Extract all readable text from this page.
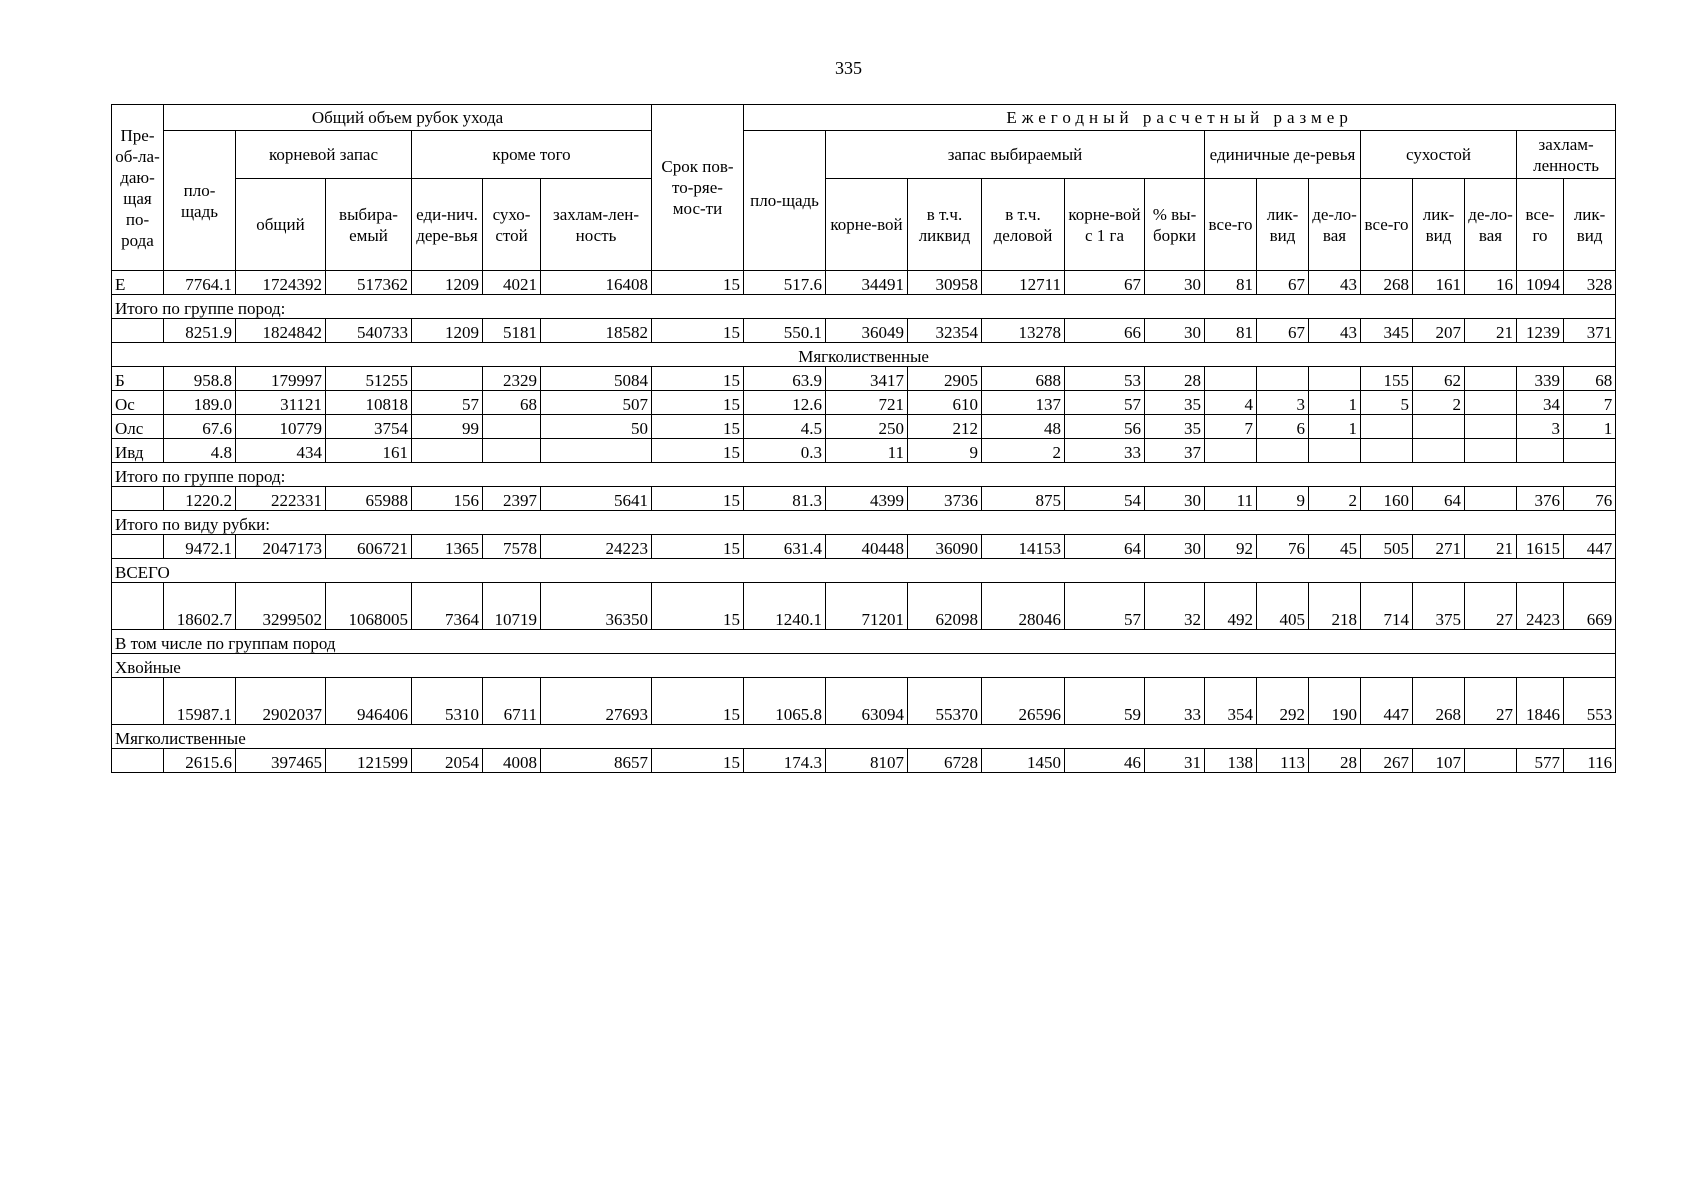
335
Пре-об-ла-даю-щая по-рода	Общий объем рубок ухода						Срок пов- то-ряе- мос-ти	Ежегодный расчетный размер													
	пло-щадь	корневой запас		кроме того				пло-щадь	запас выбираемый					единичные де-ревья			сухостой			захлам-ленность	
		общий	выбира-емый	еди-нич. дере-вья	сухо-стой	захлам-лен-ность			корне-вой	в т.ч. ликвид	в т.ч. деловой	корне-вой с 1 га	% вы-борки	все-го	лик-вид	де-ло-вая	все-го	лик-вид	де-ло-вая	все-го	лик-вид
Е	7764.1	1724392	517362	1209	4021	16408	15	517.6	34491	30958	12711	67	30	81	67	43	268	161	16	1094	328
Итого по группе пород:																					
	8251.9	1824842	540733	1209	5181	18582	15	550.1	36049	32354	13278	66	30	81	67	43	345	207	21	1239	371
Мягколиственные																					
Б	958.8	179997	51255		2329	5084	15	63.9	3417	2905	688	53	28				155	62		339	68
Ос	189.0	31121	10818	57	68	507	15	12.6	721	610	137	57	35	4	3	1	5	2		34	7
Олс	67.6	10779	3754	99		50	15	4.5	250	212	48	56	35	7	6	1				3	1
Ивд	4.8	434	161				15	0.3	11	9	2	33	37								
Итого по группе пород:																					
	1220.2	222331	65988	156	2397	5641	15	81.3	4399	3736	875	54	30	11	9	2	160	64		376	76
Итого по виду рубки:																					
	9472.1	2047173	606721	1365	7578	24223	15	631.4	40448	36090	14153	64	30	92	76	45	505	271	21	1615	447
ВСЕГО																					
	18602.​7	3299502	1068005	7364	10719	36350	15	1240.1	71201	62098	28046	57	32	492	405	218	714	375	27	2423	669
В том числе по группам пород																					
Хвойные																					
	15987.​1	2902037	946406	5310	6711	27693	15	1065.8	63094	55370	26596	59	33	354	292	190	447	268	27	1846	553
Мягколиственные																					
	2615.6	397465	121599	2054	4008	8657	15	174.3	8107	6728	1450	46	31	138	113	28	267	107		577	116
